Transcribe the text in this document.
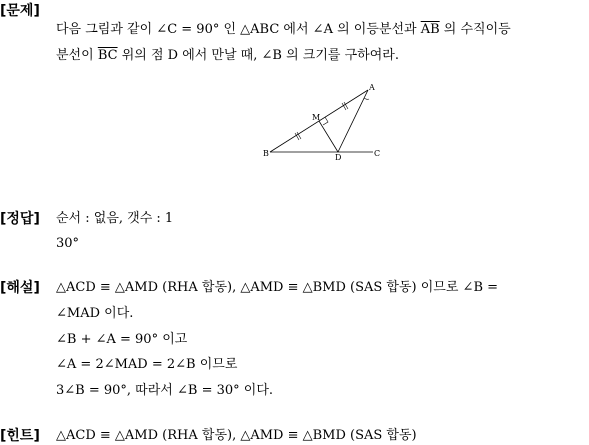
[문제]
다음 그림과 같이 ∠C = 90° 인 △ABC 에서 ∠A 의 이등분선과 $\overline{AB}$ 의 수직이등
분선이 $\overline{BC}$ 위의 점 D 에서 만날 때, ∠B 의 크기를 구하여라.
A
B	C
D
M
[정답] 순서 : 없음, 갯수 : 1
30°
[해설] △ACD ≡ △AMD (RHA 합동), △AMD ≡ △BMD (SAS 합동) 이므로 ∠B =
∠MAD 이다.
∠B + ∠A = 90° 이고
∠A = 2∠MAD = 2∠B 이므로
3∠B = 90°, 따라서 ∠B = 30° 이다.
[힌트] △ACD ≡ △AMD (RHA 합동), △AMD ≡ △BMD (SAS 합동)
